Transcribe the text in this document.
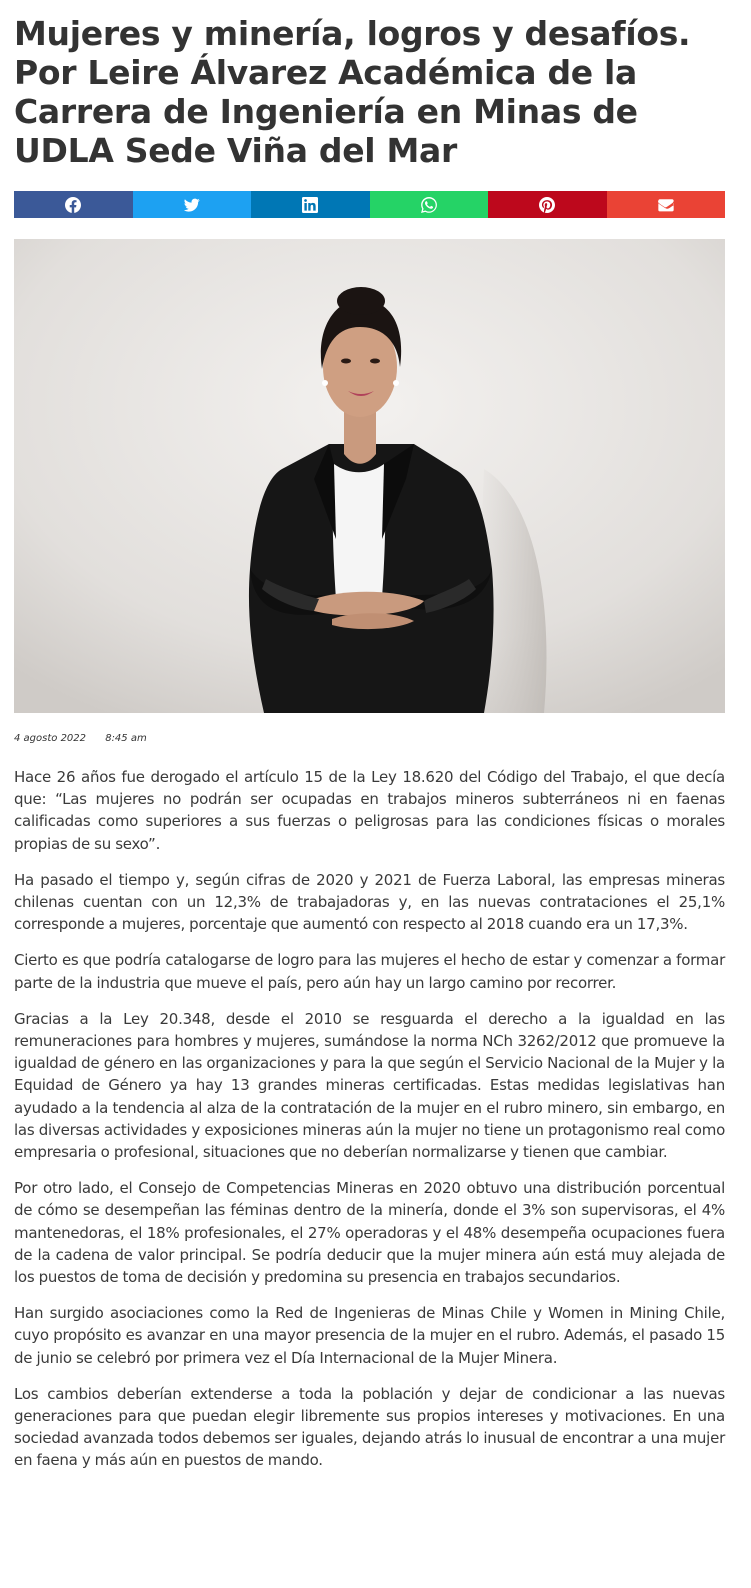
Mujeres y minería, logros y desafíos. Por Leire Álvarez Académica de la Carrera de Ingeniería en Minas de UDLA Sede Viña del Mar
4 agosto 2022 8:45 am

Hace 26 años fue derogado el artículo 15 de la Ley 18.620 del Código del Trabajo, el que decía que: “Las mujeres no podrán ser ocupadas en trabajos mineros subterráneos ni en faenas calificadas como superiores a sus fuerzas o peligrosas para las condiciones físicas o morales propias de su sexo”.

Ha pasado el tiempo y, según cifras de 2020 y 2021 de Fuerza Laboral, las empresas mineras chilenas cuentan con un 12,3% de trabajadoras y, en las nuevas contrataciones el 25,1% corresponde a mujeres, porcentaje que aumentó con respecto al 2018 cuando era un 17,3%.

Cierto es que podría catalogarse de logro para las mujeres el hecho de estar y comenzar a formar parte de la industria que mueve el país, pero aún hay un largo camino por recorrer.

Gracias a la Ley 20.348, desde el 2010 se resguarda el derecho a la igualdad en las remuneraciones para hombres y mujeres, sumándose la norma NCh 3262/2012 que promueve la igualdad de género en las organizaciones y para la que según el Servicio Nacional de la Mujer y la Equidad de Género ya hay 13 grandes mineras certificadas. Estas medidas legislativas han ayudado a la tendencia al alza de la contratación de la mujer en el rubro minero, sin embargo, en las diversas actividades y exposiciones mineras aún la mujer no tiene un protagonismo real como empresaria o profesional, situaciones que no deberían normalizarse y tienen que cambiar.

Por otro lado, el Consejo de Competencias Mineras en 2020 obtuvo una distribución porcentual de cómo se desempeñan las féminas dentro de la minería, donde el 3% son supervisoras, el 4% mantenedoras, el 18% profesionales, el 27% operadoras y el 48% desempeña ocupaciones fuera de la cadena de valor principal. Se podría deducir que la mujer minera aún está muy alejada de los puestos de toma de decisión y predomina su presencia en trabajos secundarios.

Han surgido asociaciones como la Red de Ingenieras de Minas Chile y Women in Mining Chile, cuyo propósito es avanzar en una mayor presencia de la mujer en el rubro. Además, el pasado 15 de junio se celebró por primera vez el Día Internacional de la Mujer Minera.

Los cambios deberían extenderse a toda la población y dejar de condicionar a las nuevas generaciones para que puedan elegir libremente sus propios intereses y motivaciones. En una sociedad avanzada todos debemos ser iguales, dejando atrás lo inusual de encontrar a una mujer en faena y más aún en puestos de mando.
